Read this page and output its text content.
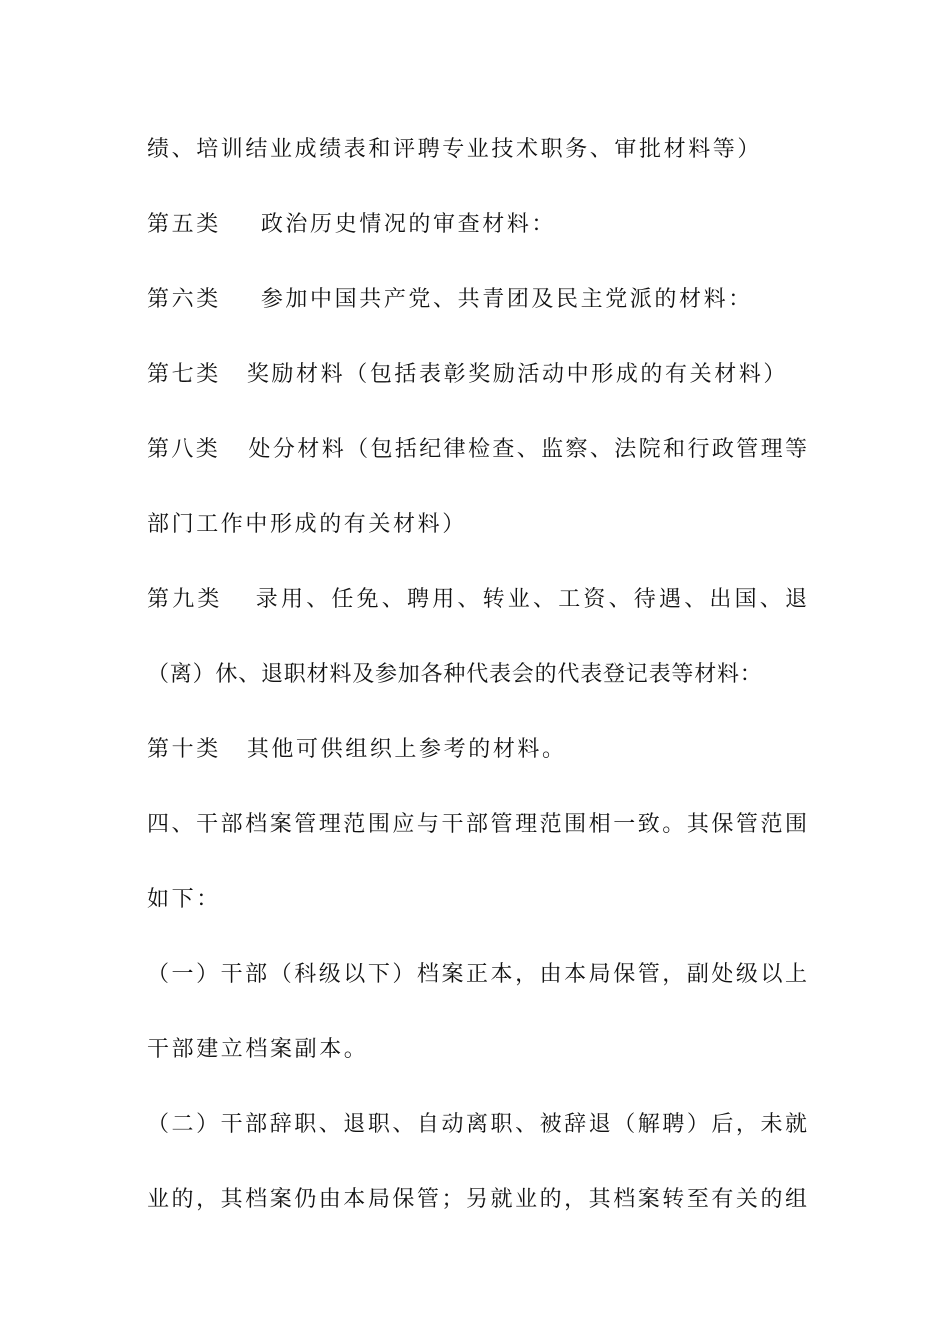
绩、培训结业成绩表和评聘专业技术职务、审批材料等）
第五类 政治历史情况的审查材料：
第六类 参加中国共产党、共青团及民主党派的材料：
第七类 奖励材料（包括表彰奖励活动中形成的有关材料）
第八类 处分材料（包括纪律检查、监察、法院和行政管理等
部门工作中形成的有关材料）
第九类 录用、任免、聘用、转业、工资、待遇、出国、退
（离）休、退职材料及参加各种代表会的代表登记表等材料：
第十类 其他可供组织上参考的材料。
四、干部档案管理范围应与干部管理范围相一致。其保管范围
如下：
（一）干部（科级以下）档案正本，由本局保管，副处级以上
干部建立档案副本。
（二）干部辞职、退职、自动离职、被辞退（解聘）后，未就
业的，其档案仍由本局保管；另就业的，其档案转至有关的组
